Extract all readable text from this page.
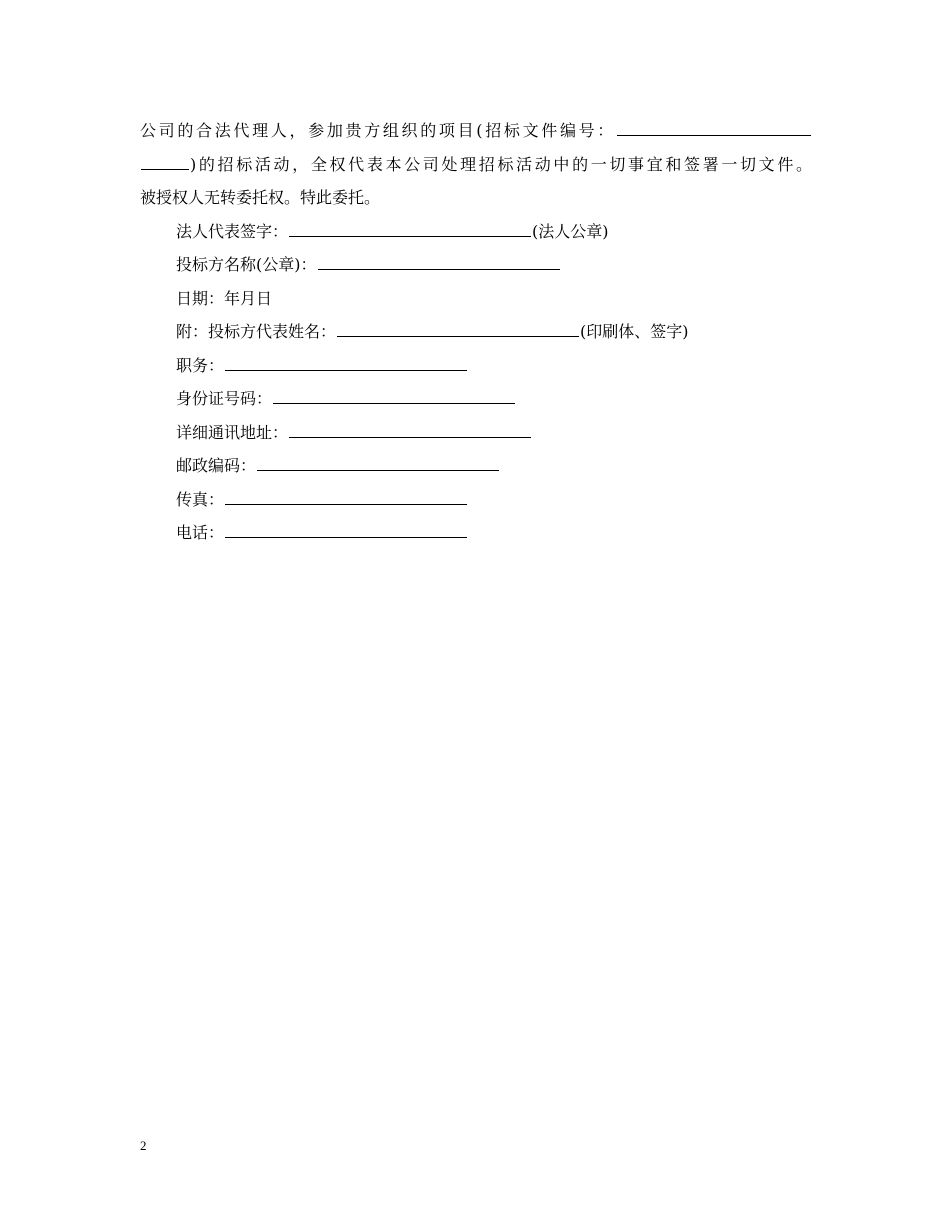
公司的合法代理人，参加贵方组织的项目(招标文件编号：
)的招标活动，全权代表本公司处理招标活动中的一切事宜和签署一切文件。
被授权人无转委托权。特此委托。
法人代表签字：	(法人公章)
投标方名称(公章)：
日期：年月日
附：投标方代表姓名：	(印刷体、签字)
职务：
身份证号码：
详细通讯地址：
邮政编码：
传真：
电话：
2
